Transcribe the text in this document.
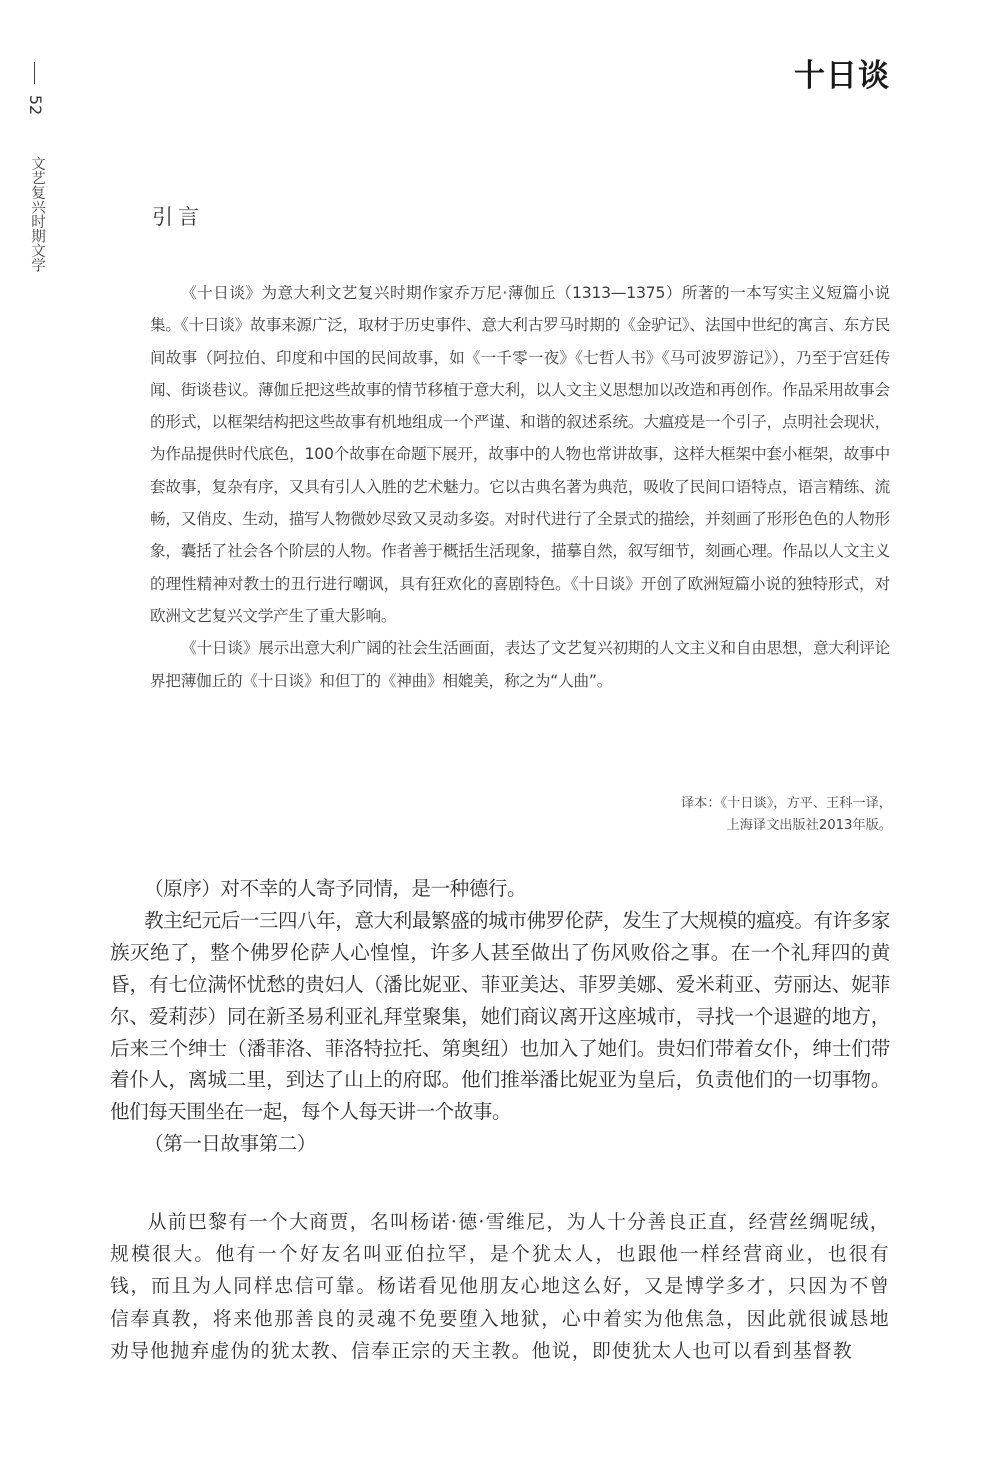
52
文艺复兴时期文学
十日谈
引言

《十日谈》为意大利文艺复兴时期作家乔万尼·薄伽丘（1313—1375）所著的一本写实主义短篇小说集。《十日谈》故事来源广泛，取材于历史事件、意大利古罗马时期的《金驴记》、法国中世纪的寓言、东方民间故事（阿拉伯、印度和中国的民间故事，如《一千零一夜》《七哲人书》《马可波罗游记》），乃至于宫廷传闻、街谈巷议。薄伽丘把这些故事的情节移植于意大利，以人文主义思想加以改造和再创作。作品采用故事会的形式，以框架结构把这些故事有机地组成一个严谨、和谐的叙述系统。大瘟疫是一个引子，点明社会现状，为作品提供时代底色，100个故事在命题下展开，故事中的人物也常讲故事，这样大框架中套小框架，故事中套故事，复杂有序，又具有引人入胜的艺术魅力。它以古典名著为典范，吸收了民间口语特点，语言精练、流畅，又俏皮、生动，描写人物微妙尽致又灵动多姿。对时代进行了全景式的描绘，并刻画了形形色色的人物形象，囊括了社会各个阶层的人物。作者善于概括生活现象，描摹自然，叙写细节，刻画心理。作品以人文主义的理性精神对教士的丑行进行嘲讽，具有狂欢化的喜剧特色。《十日谈》开创了欧洲短篇小说的独特形式，对欧洲文艺复兴文学产生了重大影响。

《十日谈》展示出意大利广阔的社会生活画面，表达了文艺复兴初期的人文主义和自由思想，意大利评论界把薄伽丘的《十日谈》和但丁的《神曲》相媲美，称之为“人曲”。

译本：《十日谈》，方平、王科一译，
上海译文出版社2013年版。

（原序）对不幸的人寄予同情，是一种德行。

教主纪元后一三四八年，意大利最繁盛的城市佛罗伦萨，发生了大规模的瘟疫。有许多家族灭绝了，整个佛罗伦萨人心惶惶，许多人甚至做出了伤风败俗之事。在一个礼拜四的黄昏，有七位满怀忧愁的贵妇人（潘比妮亚、菲亚美达、菲罗美娜、爱米莉亚、劳丽达、妮菲尔、爱莉莎）同在新圣易利亚礼拜堂聚集，她们商议离开这座城市，寻找一个退避的地方，后来三个绅士（潘菲洛、菲洛特拉托、第奥纽）也加入了她们。贵妇们带着女仆，绅士们带着仆人，离城二里，到达了山上的府邸。他们推举潘比妮亚为皇后，负责他们的一切事物。他们每天围坐在一起，每个人每天讲一个故事。

（第一日故事第二）

从前巴黎有一个大商贾，名叫杨诺·德·雪维尼，为人十分善良正直，经营丝绸呢绒，规模很大。他有一个好友名叫亚伯拉罕，是个犹太人，也跟他一样经营商业，也很有钱，而且为人同样忠信可靠。杨诺看见他朋友心地这么好，又是博学多才，只因为不曾信奉真教，将来他那善良的灵魂不免要堕入地狱，心中着实为他焦急，因此就很诚恳地劝导他抛弃虚伪的犹太教、信奉正宗的天主教。他说，即使犹太人也可以看到基督教
